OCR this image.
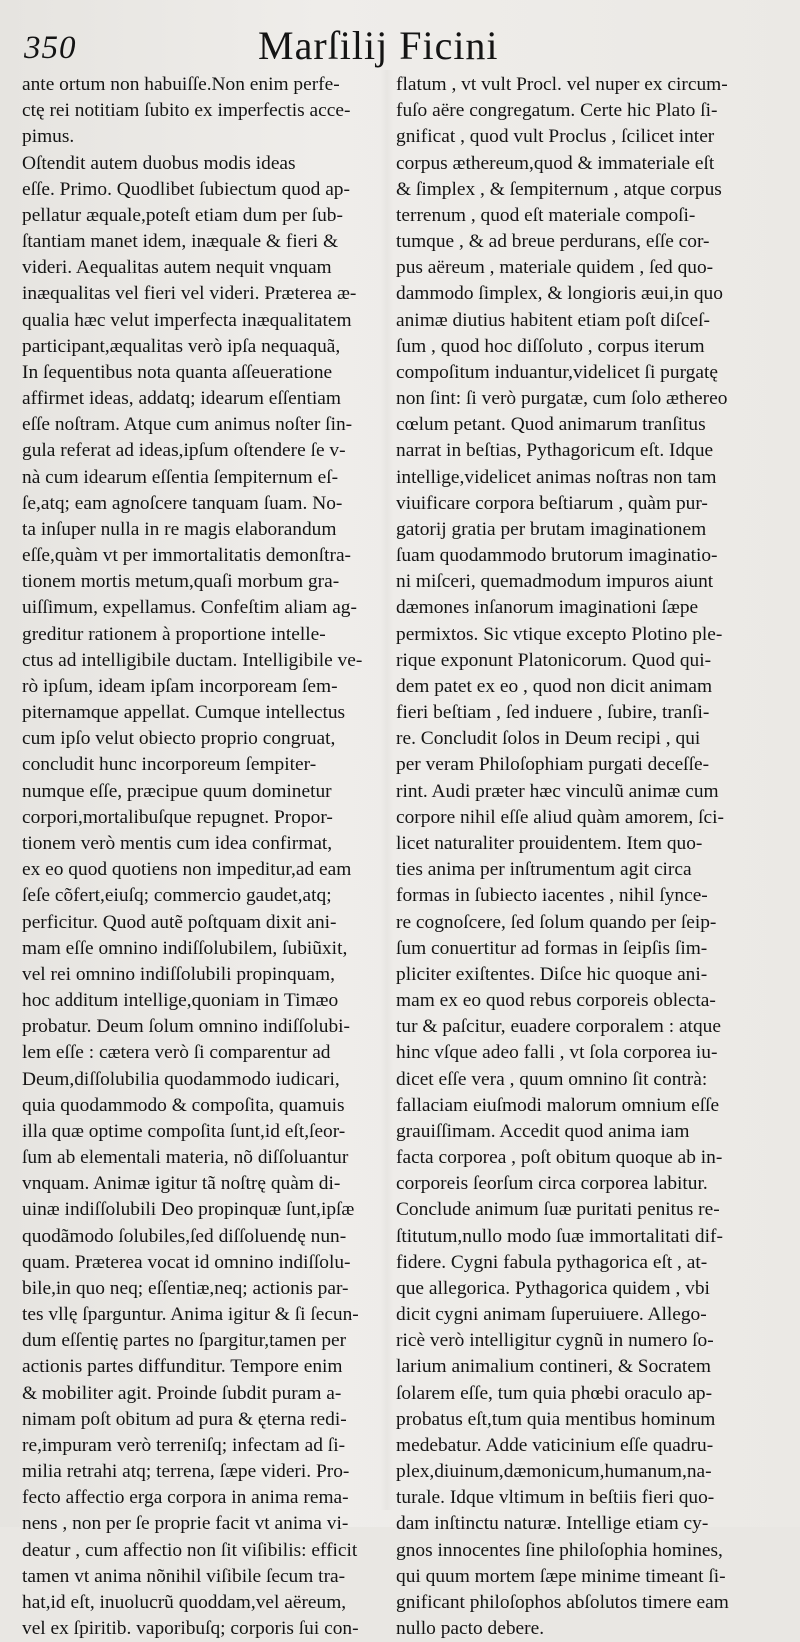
350	Marſilij Ficini
ante ortum non habuiſſe.Non enim perfe-
ctę rei notitiam ſubito ex imperfectis acce-
pimus.
Oſtendit autem duobus modis ideas
eſſe. Primo. Quodlibet ſubiectum quod ap-
pellatur æquale,poteſt etiam dum per ſub-
ſtantiam manet idem, inæquale & fieri &
videri. Aequalitas autem nequit vnquam
inæqualitas vel fieri vel videri. Præterea æ-
qualia hæc velut imperfecta inæqualitatem
participant,æqualitas verò ipſa nequaquã,
In ſequentibus nota quanta aſſeueratione
affirmet ideas, addatq; idearum eſſentiam
eſſe noſtram. Atque cum animus noſter ſin-
gula referat ad ideas,ipſum oſtendere ſe v-
nà cum idearum eſſentia ſempiternum eſ-
ſe,atq; eam agnoſcere tanquam ſuam. No-
ta inſuper nulla in re magis elaborandum
eſſe,quàm vt per immortalitatis demonſtra-
tionem mortis metum,quaſi morbum gra-
uiſſimum, expellamus. Confeſtim aliam ag-
greditur rationem à proportione intelle-
ctus ad intelligibile ductam. Intelligibile ve-
rò ipſum, ideam ipſam incorpoream ſem-
piternamque appellat. Cumque intellectus
cum ipſo velut obiecto proprio congruat,
concludit hunc incorporeum ſempiter-
numque eſſe, præcipue quum dominetur
corpori,mortalibuſque repugnet. Propor-
tionem verò mentis cum idea confirmat,
ex eo quod quotiens non impeditur,ad eam
ſeſe cõfert,eiuſq; commercio gaudet,atq;
perficitur. Quod autẽ poſtquam dixit ani-
mam eſſe omnino indiſſolubilem, ſubiũxit,
vel rei omnino indiſſolubili propinquam,
hoc additum intellige,quoniam in Timæo
probatur. Deum ſolum omnino indiſſolubi-
lem eſſe : cætera verò ſi comparentur ad
Deum,diſſolubilia quodammodo iudicari,
quia quodammodo & compoſita, quamuis
illa quæ optime compoſita ſunt,id eſt,ſeor-
ſum ab elementali materia, nõ diſſoluantur
vnquam. Animæ igitur tã noſtrę quàm di-
uinæ indiſſolubili Deo propinquæ ſunt,ipſæ
quodãmodo ſolubiles,ſed diſſoluendę nun-
quam. Præterea vocat id omnino indiſſolu-
bile,in quo neq; eſſentiæ,neq; actionis par-
tes vllę ſparguntur. Anima igitur & ſi ſecun-
dum eſſentię partes no ſpargitur,tamen per
actionis partes diffunditur. Tempore enim
& mobiliter agit. Proinde ſubdit puram a-
nimam poſt obitum ad pura & ęterna redi-
re,impuram verò terreniſq; infectam ad ſi-
milia retrahi atq; terrena, ſæpe videri. Pro-
fecto affectio erga corpora in anima rema-
nens , non per ſe proprie facit vt anima vi-
deatur , cum affectio non ſit viſibilis: efficit
tamen vt anima nõnihil viſibile ſecum tra-
hat,id eſt, inuolucrũ quoddam,vel aëreum,
vel ex ſpiritib. vaporibuſq; corporis ſui con-
flatum , vt vult Procl. vel nuper ex circum-
fuſo aëre congregatum. Certe hic Plato ſi-
gnificat , quod vult Proclus , ſcilicet inter
corpus æthereum,quod & immateriale eſt
& ſimplex , & ſempiternum , atque corpus
terrenum , quod eſt materiale compoſi-
tumque , & ad breue perdurans, eſſe cor-
pus aëreum , materiale quidem , ſed quo-
dammodo ſimplex, & longioris æui,in quo
animæ diutius habitent etiam poſt diſceſ-
ſum , quod hoc diſſoluto , corpus iterum
compoſitum induantur,videlicet ſi purgatę
non ſint: ſi verò purgatæ, cum ſolo æthereo
cœlum petant. Quod animarum tranſitus
narrat in beſtias, Pythagoricum eſt. Idque
intellige,videlicet animas noſtras non tam
viuificare corpora beſtiarum , quàm pur-
gatorij gratia per brutam imaginationem
ſuam quodammodo brutorum imaginatio-
ni miſceri, quemadmodum impuros aiunt
dæmones inſanorum imaginationi ſæpe
permixtos. Sic vtique excepto Plotino ple-
rique exponunt Platonicorum. Quod qui-
dem patet ex eo , quod non dicit animam
fieri beſtiam , ſed induere , ſubire, tranſi-
re. Concludit ſolos in Deum recipi , qui
per veram Philoſophiam purgati deceſſe-
rint. Audi præter hæc vinculũ animæ cum
corpore nihil eſſe aliud quàm amorem, ſci-
licet naturaliter prouidentem. Item quo-
ties anima per inſtrumentum agit circa
formas in ſubiecto iacentes , nihil ſynce-
re cognoſcere, ſed ſolum quando per ſeip-
ſum conuertitur ad formas in ſeipſis ſim-
pliciter exiſtentes. Diſce hic quoque ani-
mam ex eo quod rebus corporeis oblecta-
tur & paſcitur, euadere corporalem : atque
hinc vſque adeo falli , vt ſola corporea iu-
dicet eſſe vera , quum omnino ſit contrà:
fallaciam eiuſmodi malorum omnium eſſe
grauiſſimam. Accedit quod anima iam
facta corporea , poſt obitum quoque ab in-
corporeis ſeorſum circa corporea labitur.
Conclude animum ſuæ puritati penitus re-
ſtitutum,nullo modo ſuæ immortalitati dif-
fidere. Cygni fabula pythagorica eſt , at-
que allegorica. Pythagorica quidem , vbi
dicit cygni animam ſuperuiuere. Allego-
ricè verò intelligitur cygnũ in numero ſo-
larium animalium contineri, & Socratem
ſolarem eſſe, tum quia phœbi oraculo ap-
probatus eſt,tum quia mentibus hominum
medebatur. Adde vaticinium eſſe quadru-
plex,diuinum,dæmonicum,humanum,na-
turale. Idque vltimum in beſtiis fieri quo-
dam inſtinctu naturæ. Intellige etiam cy-
gnos innocentes ſine philoſophia homines,
qui quum mortem ſæpe minime timeant ſi-
gnificant philoſophos abſolutos timere eam
nullo pacto debere.
